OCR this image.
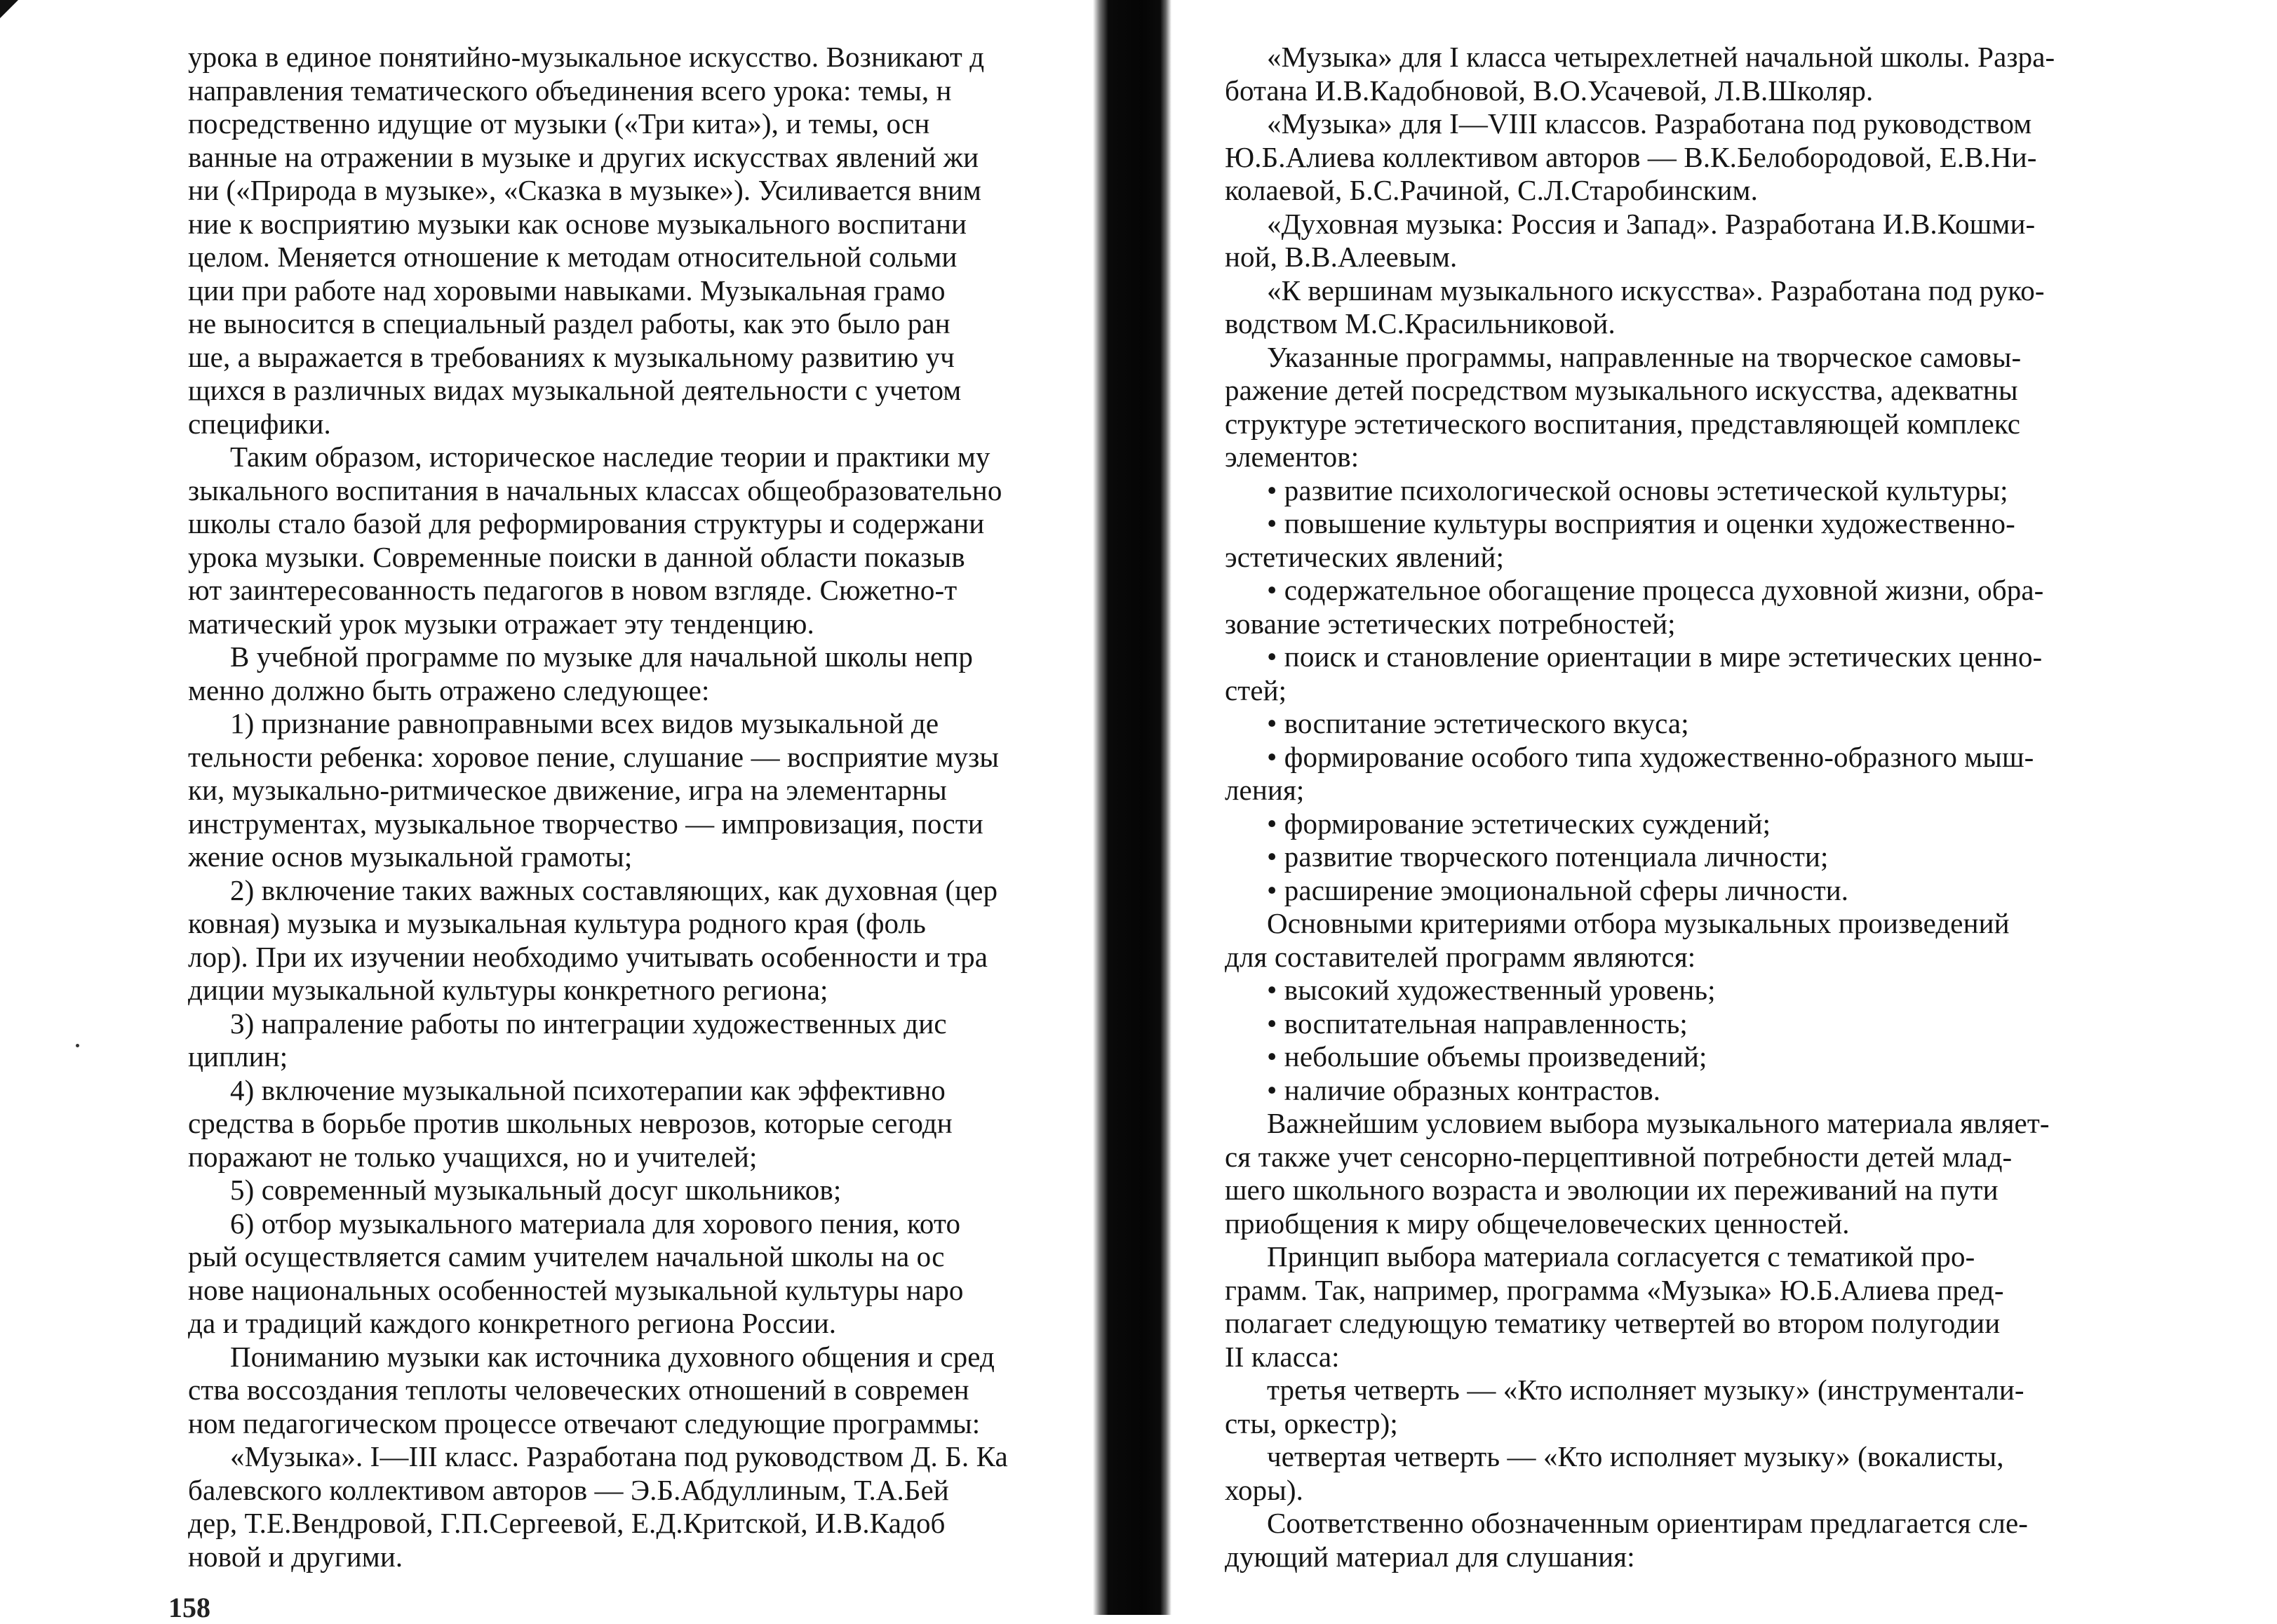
урока в единое понятийно-музыкальное искусство. Возникают д
направления тематического объединения всего урока: темы, н
посредственно идущие от музыки («Три кита»), и темы, осн
ванные на отражении в музыке и других искусствах явлений жи
ни («Природа в музыке», «Сказка в музыке»). Усиливается вним
ние к восприятию музыки как основе музыкального воспитани
целом. Меняется отношение к методам относительной сольми
ции при работе над хоровыми навыками. Музыкальная грамо
не выносится в специальный раздел работы, как это было ран
ше, а выражается в требованиях к музыкальному развитию уч
щихся в различных видах музыкальной деятельности с учетом
специфики.
Таким образом, историческое наследие теории и практики му
зыкального воспитания в начальных классах общеобразовательно
школы стало базой для реформирования структуры и содержани
урока музыки. Современные поиски в данной области показыв
ют заинтересованность педагогов в новом взгляде. Сюжетно-т
матический урок музыки отражает эту тенденцию.
В учебной программе по музыке для начальной школы непр
менно должно быть отражено следующее:
1) признание равноправными всех видов музыкальной де
тельности ребенка: хоровое пение, слушание — восприятие музы
ки, музыкально-ритмическое движение, игра на элементарны
инструментах, музыкальное творчество — импровизация, пости
жение основ музыкальной грамоты;
2) включение таких важных составляющих, как духовная (цер
ковная) музыка и музыкальная культура родного края (фоль
лор). При их изучении необходимо учитывать особенности и тра
диции музыкальной культуры конкретного региона;
3) напраление работы по интеграции художественных дис
циплин;
4) включение музыкальной психотерапии как эффективно
средства в борьбе против школьных неврозов, которые сегодн
поражают не только учащихся, но и учителей;
5) современный музыкальный досуг школьников;
6) отбор музыкального материала для хорового пения, кото
рый осуществляется самим учителем начальной школы на ос
нове национальных особенностей музыкальной культуры наро
да и традиций каждого конкретного региона России.
Пониманию музыки как источника духовного общения и сред
ства воссоздания теплоты человеческих отношений в современ
ном педагогическом процессе отвечают следующие программы:
«Музыка». I—III класс. Разработана под руководством Д. Б. Ка
балевского коллективом авторов — Э.Б.Абдуллиным, Т.А.Бей
дер, Т.Е.Вендровой, Г.П.Сергеевой, Е.Д.Критской, И.В.Кадоб
новой и другими.
«Музыка» для I класса четырехлетней начальной школы. Разра-
ботана И.В.Кадобновой, В.О.Усачевой, Л.В.Школяр.
«Музыка» для I—VIII классов. Разработана под руководством
Ю.Б.Алиева коллективом авторов — В.К.Белобородовой, Е.В.Ни-
колаевой, Б.С.Рачиной, С.Л.Старобинским.
«Духовная музыка: Россия и Запад». Разработана И.В.Кошми-
ной, В.В.Алеевым.
«К вершинам музыкального искусства». Разработана под руко-
водством М.С.Красильниковой.
Указанные программы, направленные на творческое самовы-
ражение детей посредством музыкального искусства, адекватны
структуре эстетического воспитания, представляющей комплекс
элементов:
• развитие психологической основы эстетической культуры;
• повышение культуры восприятия и оценки художественно-
эстетических явлений;
• содержательное обогащение процесса духовной жизни, обра-
зование эстетических потребностей;
• поиск и становление ориентации в мире эстетических ценно-
стей;
• воспитание эстетического вкуса;
• формирование особого типа художественно-образного мыш-
ления;
• формирование эстетических суждений;
• развитие творческого потенциала личности;
• расширение эмоциональной сферы личности.
Основными критериями отбора музыкальных произведений
для составителей программ являются:
• высокий художественный уровень;
• воспитательная направленность;
• небольшие объемы произведений;
• наличие образных контрастов.
Важнейшим условием выбора музыкального материала являет-
ся также учет сенсорно-перцептивной потребности детей млад-
шего школьного возраста и эволюции их переживаний на пути
приобщения к миру общечеловеческих ценностей.
Принцип выбора материала согласуется с тематикой про-
грамм. Так, например, программа «Музыка» Ю.Б.Алиева пред-
полагает следующую тематику четвертей во втором полугодии
II класса:
третья четверть — «Кто исполняет музыку» (инструментали-
сты, оркестр);
четвертая четверть — «Кто исполняет музыку» (вокалисты,
хоры).
Соответственно обозначенным ориентирам предлагается сле-
дующий материал для слушания:
158
